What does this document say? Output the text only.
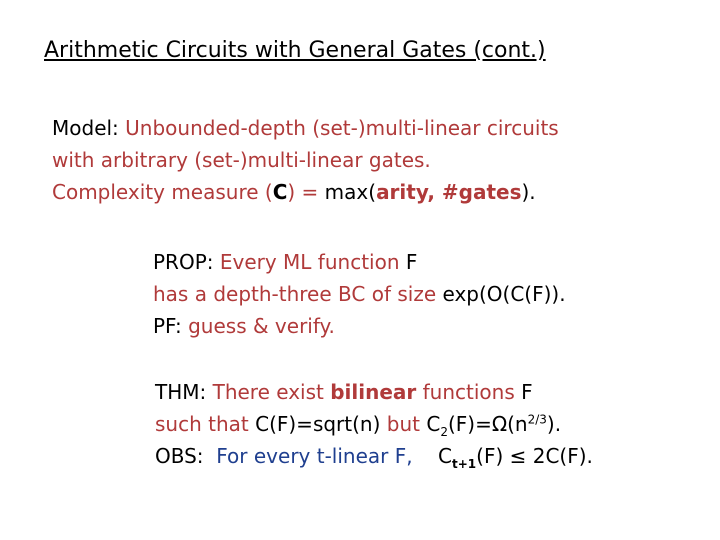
Arithmetic Circuits with General Gates (cont.)
Model: Unbounded-depth (set-)multi-linear circuits
with arbitrary (set-)multi-linear gates.
Complexity measure (C) = max(arity, #gates).
PROP: Every ML function F
has a depth-three BC of size exp(O(C(F)).
PF: guess & verify.
THM: There exist bilinear functions F
such that C(F)=sqrt(n) but $C_2(F)=\Omega(n^{2/3})$.
OBS:  For every t-linear F, $C_{t+1}(F) \le 2C(F)$.
